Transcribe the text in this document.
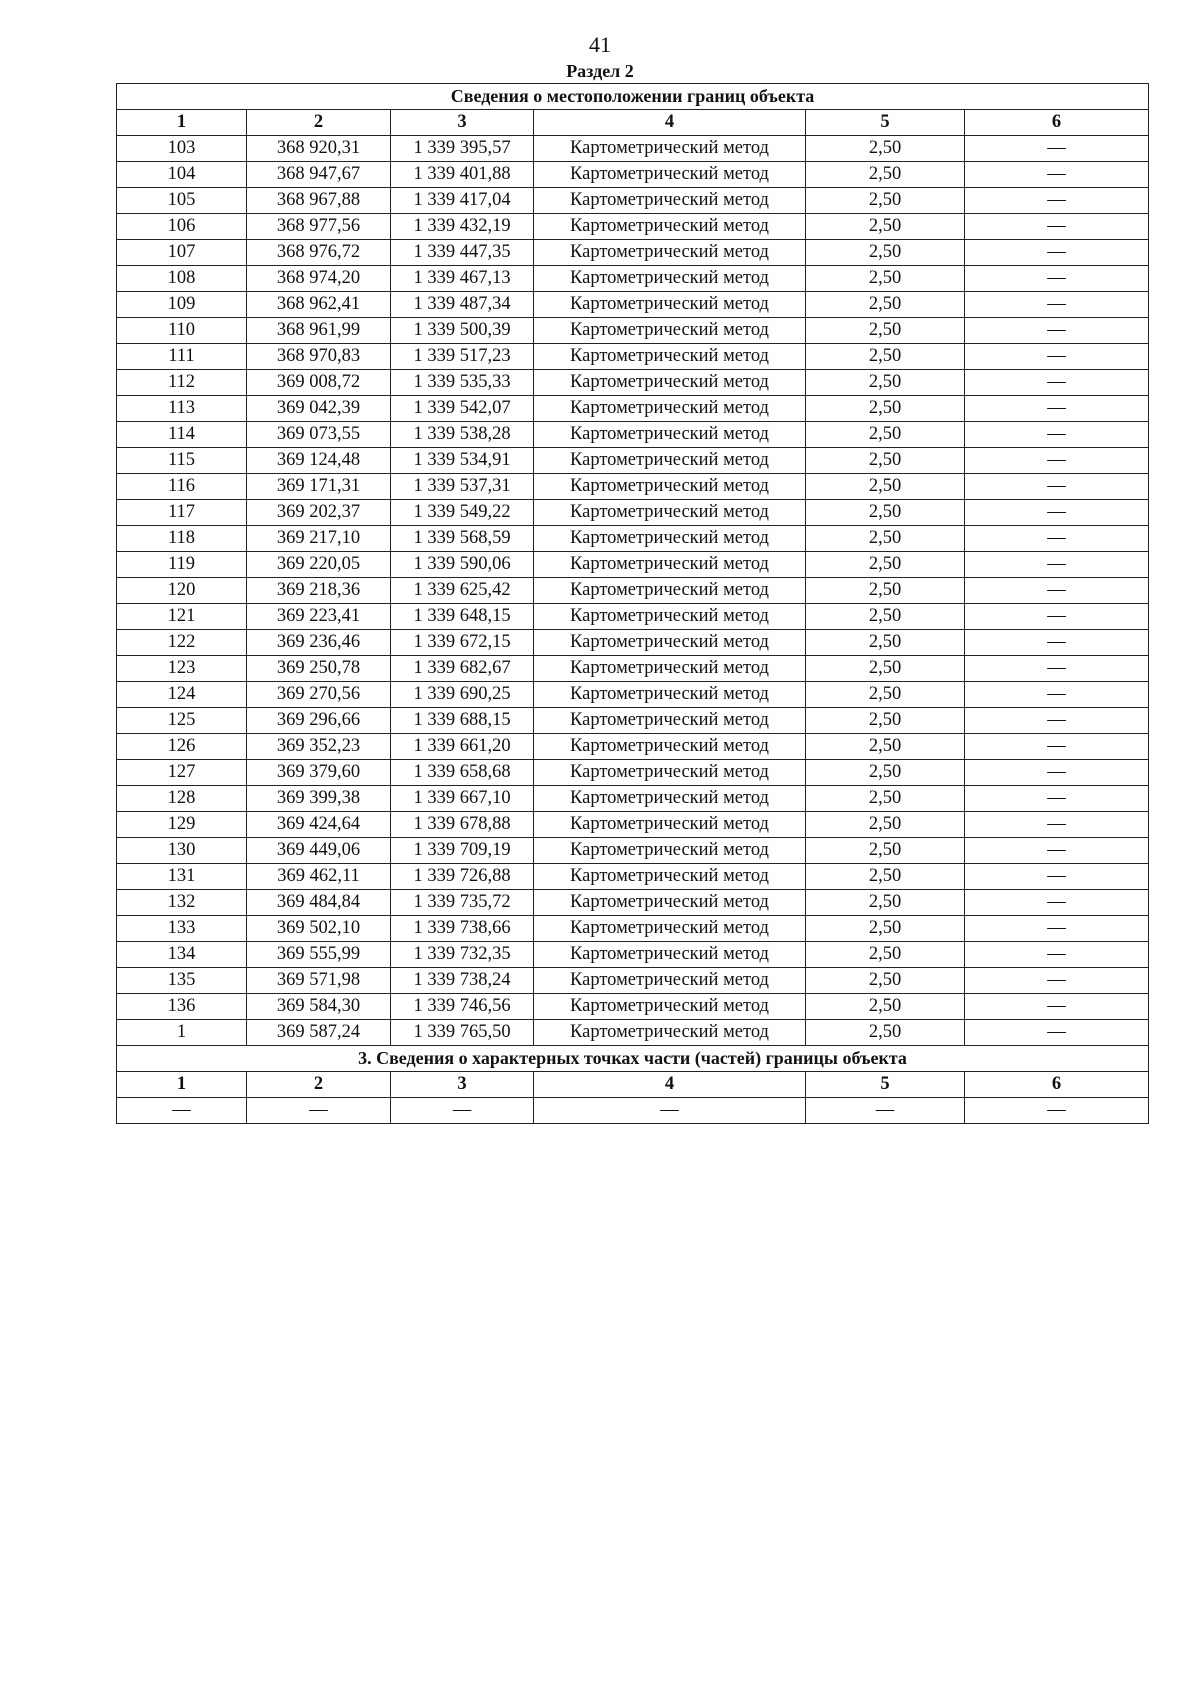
41
Раздел 2
Сведения о местоположении границ объекта					
1	2	3	4	5	6
103	368 920,31	1 339 395,57	Картометрический метод	2,50	—
104	368 947,67	1 339 401,88	Картометрический метод	2,50	—
105	368 967,88	1 339 417,04	Картометрический метод	2,50	—
106	368 977,56	1 339 432,19	Картометрический метод	2,50	—
107	368 976,72	1 339 447,35	Картометрический метод	2,50	—
108	368 974,20	1 339 467,13	Картометрический метод	2,50	—
109	368 962,41	1 339 487,34	Картометрический метод	2,50	—
110	368 961,99	1 339 500,39	Картометрический метод	2,50	—
111	368 970,83	1 339 517,23	Картометрический метод	2,50	—
112	369 008,72	1 339 535,33	Картометрический метод	2,50	—
113	369 042,39	1 339 542,07	Картометрический метод	2,50	—
114	369 073,55	1 339 538,28	Картометрический метод	2,50	—
115	369 124,48	1 339 534,91	Картометрический метод	2,50	—
116	369 171,31	1 339 537,31	Картометрический метод	2,50	—
117	369 202,37	1 339 549,22	Картометрический метод	2,50	—
118	369 217,10	1 339 568,59	Картометрический метод	2,50	—
119	369 220,05	1 339 590,06	Картометрический метод	2,50	—
120	369 218,36	1 339 625,42	Картометрический метод	2,50	—
121	369 223,41	1 339 648,15	Картометрический метод	2,50	—
122	369 236,46	1 339 672,15	Картометрический метод	2,50	—
123	369 250,78	1 339 682,67	Картометрический метод	2,50	—
124	369 270,56	1 339 690,25	Картометрический метод	2,50	—
125	369 296,66	1 339 688,15	Картометрический метод	2,50	—
126	369 352,23	1 339 661,20	Картометрический метод	2,50	—
127	369 379,60	1 339 658,68	Картометрический метод	2,50	—
128	369 399,38	1 339 667,10	Картометрический метод	2,50	—
129	369 424,64	1 339 678,88	Картометрический метод	2,50	—
130	369 449,06	1 339 709,19	Картометрический метод	2,50	—
131	369 462,11	1 339 726,88	Картометрический метод	2,50	—
132	369 484,84	1 339 735,72	Картометрический метод	2,50	—
133	369 502,10	1 339 738,66	Картометрический метод	2,50	—
134	369 555,99	1 339 732,35	Картометрический метод	2,50	—
135	369 571,98	1 339 738,24	Картометрический метод	2,50	—
136	369 584,30	1 339 746,56	Картометрический метод	2,50	—
1	369 587,24	1 339 765,50	Картометрический метод	2,50	—
3. Сведения о характерных точках части (частей) границы объекта					
1	2	3	4	5	6
—	—	—	—	—	—
